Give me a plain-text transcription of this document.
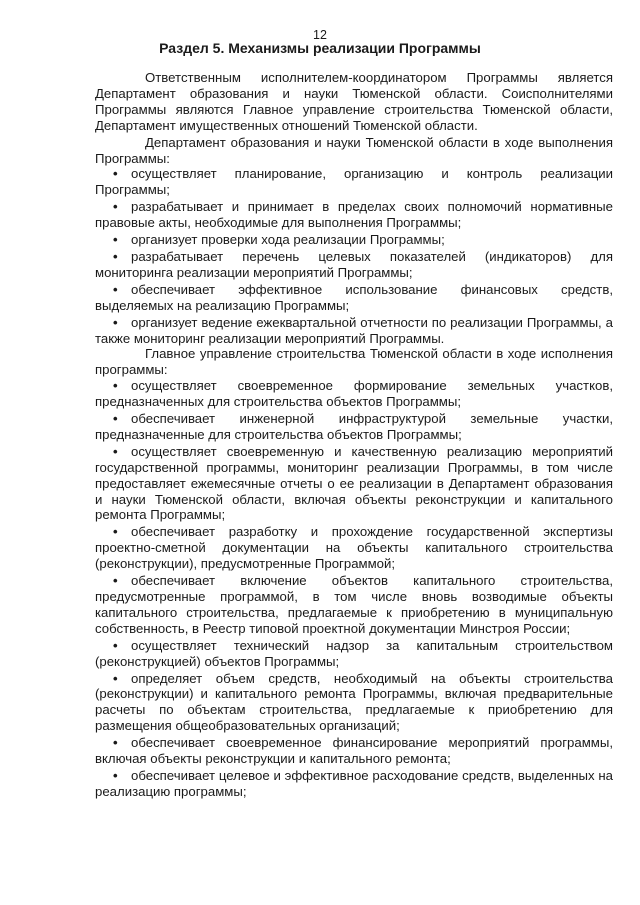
12
Раздел 5. Механизмы реализации Программы

Ответственным исполнителем-координатором Программы является Департамент образования и науки Тюменской области. Соисполнителями Программы являются Главное управление строительства Тюменской области, Департамент имущественных отношений Тюменской области.

Департамент образования и науки Тюменской области в ходе выполнения Программы:

• осуществляет планирование, организацию и контроль реализации Программы;

• разрабатывает и принимает в пределах своих полномочий нормативные правовые акты, необходимые для выполнения Программы;

• организует проверки хода реализации Программы;

• разрабатывает перечень целевых показателей (индикаторов) для мониторинга реализации мероприятий Программы;

• обеспечивает эффективное использование финансовых средств, выделяемых на реализацию Программы;

• организует ведение ежеквартальной отчетности по реализации Программы, а также мониторинг реализации мероприятий Программы.

Главное управление строительства Тюменской области в ходе исполнения программы:

• осуществляет своевременное формирование земельных участков, предназначенных для строительства объектов Программы;

• обеспечивает инженерной инфраструктурой земельные участки, предназначенные для строительства объектов Программы;

• осуществляет своевременную и качественную реализацию мероприятий государственной программы, мониторинг реализации Программы, в том числе предоставляет ежемесячные отчеты о ее реализации в Департамент образования и науки Тюменской области, включая объекты реконструкции и капитального ремонта Программы;

• обеспечивает разработку и прохождение государственной экспертизы проектно-сметной документации на объекты капитального строительства (реконструкции), предусмотренные Программой;

• обеспечивает включение объектов капитального строительства, предусмотренные программой, в том числе вновь возводимые объекты капитального строительства, предлагаемые к приобретению в муниципальную собственность, в Реестр типовой проектной документации Минстроя России;

• осуществляет технический надзор за капитальным строительством (реконструкцией) объектов Программы;

• определяет объем средств, необходимый на объекты строительства (реконструкции) и капитального ремонта Программы, включая предварительные расчеты по объектам строительства, предлагаемые к приобретению для размещения общеобразовательных организаций;

• обеспечивает своевременное финансирование мероприятий программы, включая объекты реконструкции и капитального ремонта;

• обеспечивает целевое и эффективное расходование средств, выделенных на реализацию программы;
